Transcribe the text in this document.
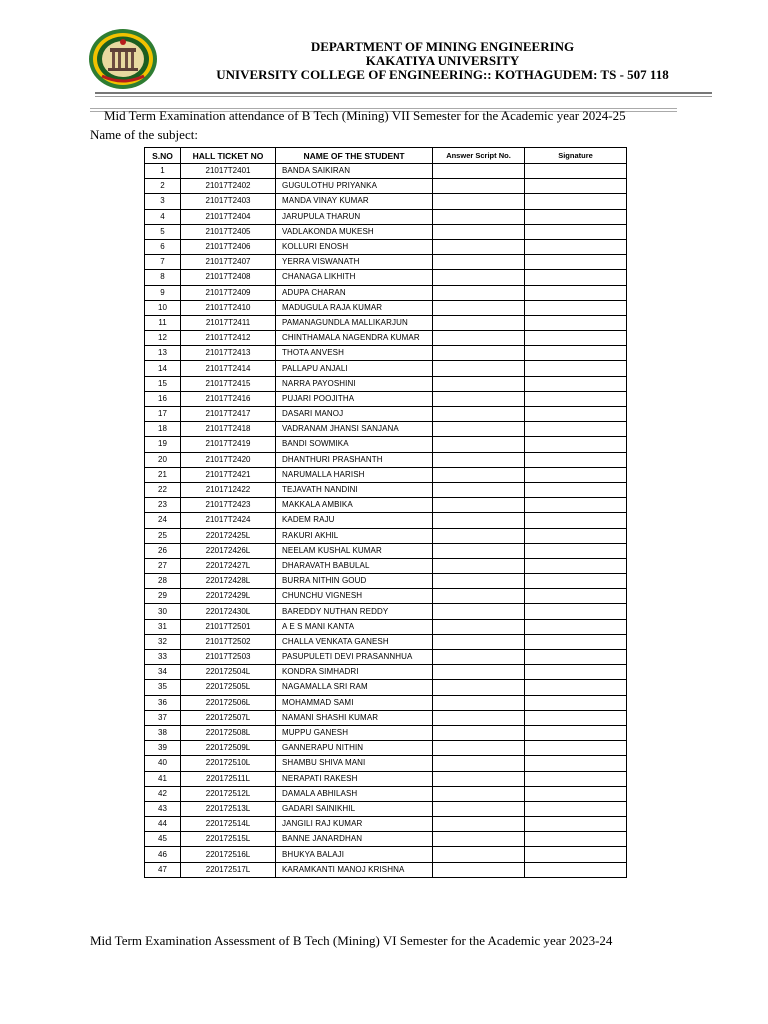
DEPARTMENT OF MINING ENGINEERING
KAKATIYA UNIVERSITY
UNIVERSITY COLLEGE OF ENGINEERING:: KOTHAGUDEM: TS - 507 118
Mid Term Examination attendance of B Tech (Mining) VII Semester for the Academic year 2024-25
Name of the subject:
S.NO	HALL TICKET NO	NAME OF THE STUDENT	Answer Script No.	Signature
1	21017T2401	BANDA SAIKIRAN		
2	21017T2402	GUGULOTHU PRIYANKA		
3	21017T2403	MANDA VINAY KUMAR		
4	21017T2404	JARUPULA THARUN		
5	21017T2405	VADLAKONDA MUKESH		
6	21017T2406	KOLLURI ENOSH		
7	21017T2407	YERRA VISWANATH		
8	21017T2408	CHANAGA LIKHITH		
9	21017T2409	ADUPA CHARAN		
10	21017T2410	MADUGULA RAJA KUMAR		
11	21017T2411	PAMANAGUNDLA MALLIKARJUN		
12	21017T2412	CHINTHAMALA NAGENDRA KUMAR		
13	21017T2413	THOTA ANVESH		
14	21017T2414	PALLAPU ANJALI		
15	21017T2415	NARRA PAYOSHINI		
16	21017T2416	PUJARI POOJITHA		
17	21017T2417	DASARI MANOJ		
18	21017T2418	VADRANAM JHANSI SANJANA		
19	21017T2419	BANDI SOWMIKA		
20	21017T2420	DHANTHURI PRASHANTH		
21	21017T2421	NARUMALLA HARISH		
22	2101712422	TEJAVATH NANDINI		
23	21017T2423	MAKKALA AMBIKA		
24	21017T2424	KADEM RAJU		
25	220172425L	RAKURI AKHIL		
26	220172426L	NEELAM KUSHAL KUMAR		
27	220172427L	DHARAVATH BABULAL		
28	220172428L	BURRA NITHIN GOUD		
29	220172429L	CHUNCHU VIGNESH		
30	220172430L	BAREDDY NUTHAN REDDY		
31	21017T2501	A E S MANI KANTA		
32	21017T2502	CHALLA VENKATA GANESH		
33	21017T2503	PASUPULETI DEVI PRASANNHUA		
34	220172504L	KONDRA SIMHADRI		
35	220172505L	NAGAMALLA SRI RAM		
36	220172506L	MOHAMMAD SAMI		
37	220172507L	NAMANI SHASHI KUMAR		
38	220172508L	MUPPU GANESH		
39	220172509L	GANNERAPU NITHIN		
40	220172510L	SHAMBU SHIVA MANI		
41	220172511L	NERAPATI RAKESH		
42	220172512L	DAMALA ABHILASH		
43	220172513L	GADARI SAINIKHIL		
44	220172514L	JANGILI RAJ KUMAR		
45	220172515L	BANNE JANARDHAN		
46	220172516L	BHUKYA BALAJI		
47	220172517L	KARAMKANTI MANOJ KRISHNA		
Mid Term Examination Assessment of B Tech (Mining) VI Semester for the Academic year 2023-24
